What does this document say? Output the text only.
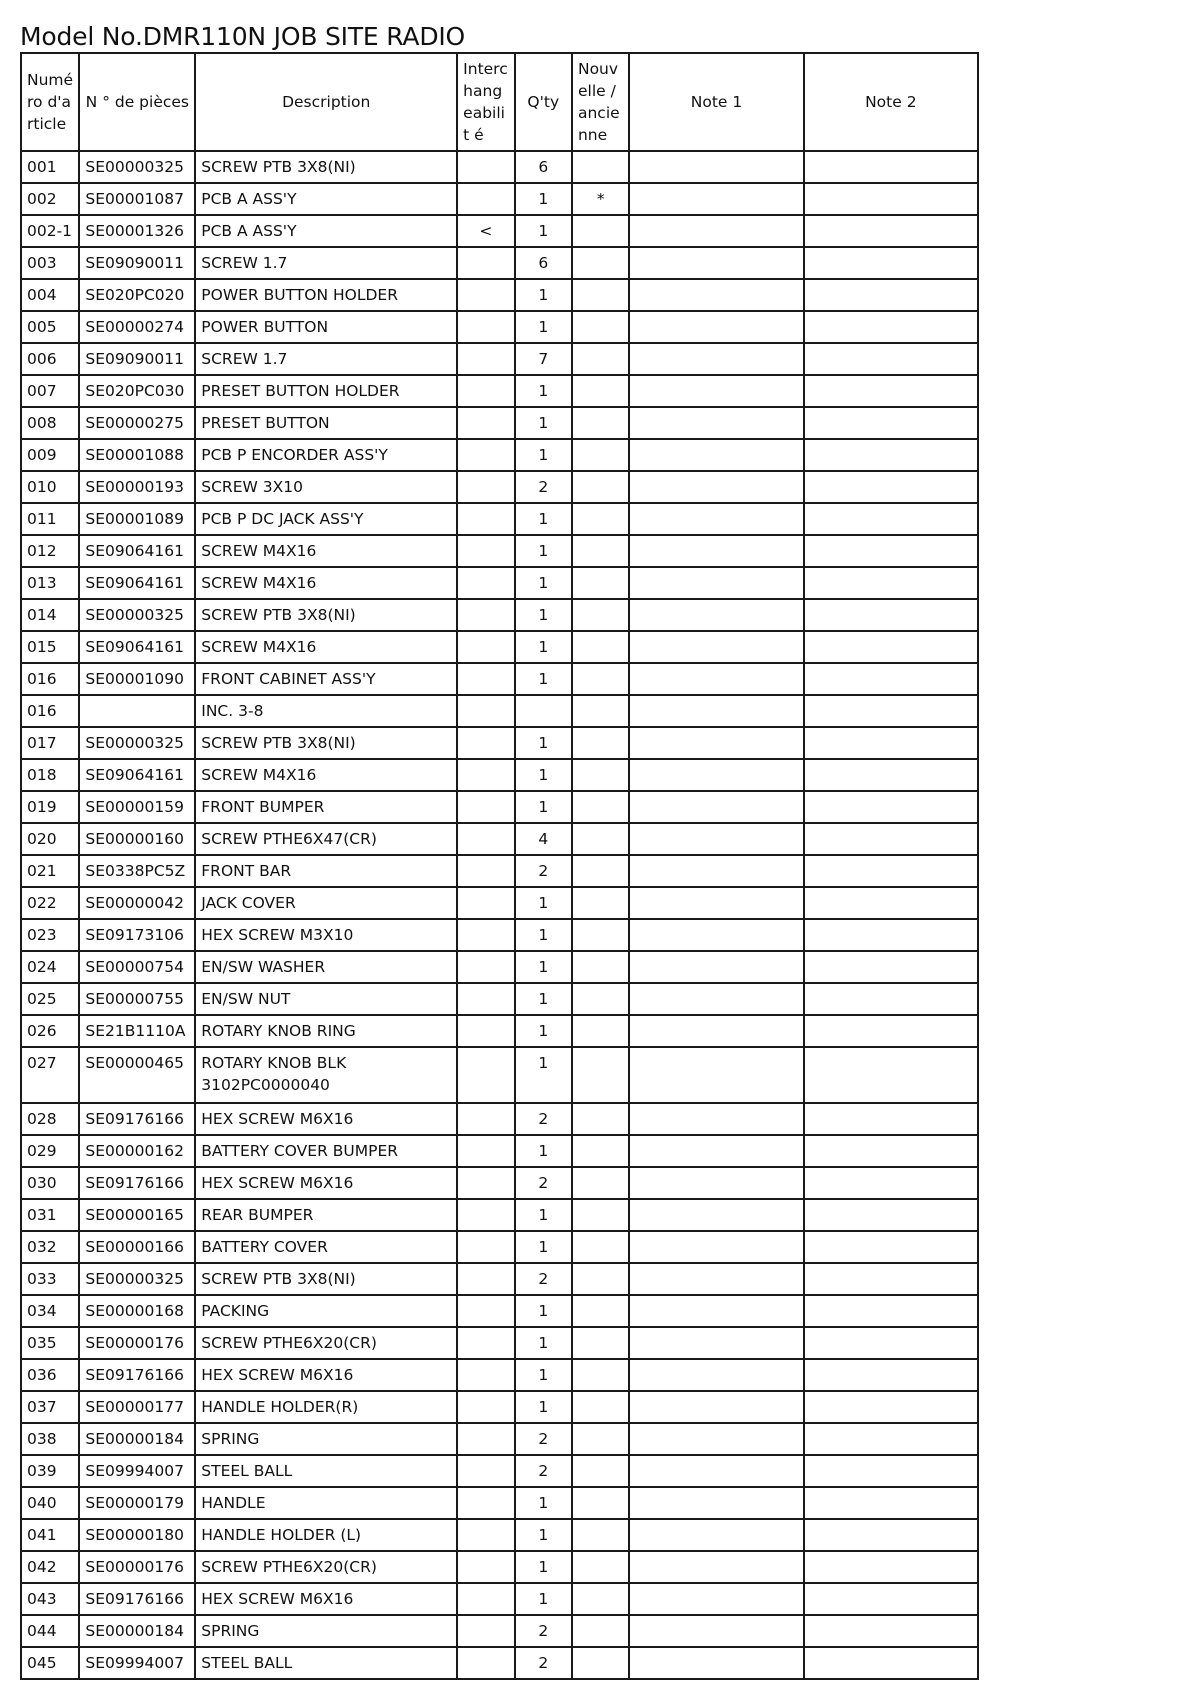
Model No.DMR110N JOB SITE RADIO
Numé ro d'a rticle	N ° de pièces	Description	Interc hang eabilit é	Q'ty	Nouv elle / ancie nne	Note 1	Note 2
001	SE00000325	SCREW PTB 3X8(NI)		6			
002	SE00001087	PCB A ASS'Y		1	*		
002-1	SE00001326	PCB A ASS'Y	<	1			
003	SE09090011	SCREW 1.7		6			
004	SE020PC020	POWER BUTTON HOLDER		1			
005	SE00000274	POWER BUTTON		1			
006	SE09090011	SCREW 1.7		7			
007	SE020PC030	PRESET BUTTON HOLDER		1			
008	SE00000275	PRESET BUTTON		1			
009	SE00001088	PCB P ENCORDER ASS'Y		1			
010	SE00000193	SCREW 3X10		2			
011	SE00001089	PCB P DC JACK ASS'Y		1			
012	SE09064161	SCREW M4X16		1			
013	SE09064161	SCREW M4X16		1			
014	SE00000325	SCREW PTB 3X8(NI)		1			
015	SE09064161	SCREW M4X16		1			
016	SE00001090	FRONT CABINET ASS'Y		1			
016		INC. 3-8					
017	SE00000325	SCREW PTB 3X8(NI)		1			
018	SE09064161	SCREW M4X16		1			
019	SE00000159	FRONT BUMPER		1			
020	SE00000160	SCREW PTHE6X47(CR)		4			
021	SE0338PC5Z	FRONT BAR		2			
022	SE00000042	JACK COVER		1			
023	SE09173106	HEX SCREW M3X10		1			
024	SE00000754	EN/SW WASHER		1			
025	SE00000755	EN/SW NUT		1			
026	SE21B1110A	ROTARY KNOB RING		1			
027	SE00000465	ROTARY KNOB BLK 3102PC0000040		1			
028	SE09176166	HEX SCREW M6X16		2			
029	SE00000162	BATTERY COVER BUMPER		1			
030	SE09176166	HEX SCREW M6X16		2			
031	SE00000165	REAR BUMPER		1			
032	SE00000166	BATTERY COVER		1			
033	SE00000325	SCREW PTB 3X8(NI)		2			
034	SE00000168	PACKING		1			
035	SE00000176	SCREW PTHE6X20(CR)		1			
036	SE09176166	HEX SCREW M6X16		1			
037	SE00000177	HANDLE HOLDER(R)		1			
038	SE00000184	SPRING		2			
039	SE09994007	STEEL BALL		2			
040	SE00000179	HANDLE		1			
041	SE00000180	HANDLE HOLDER (L)		1			
042	SE00000176	SCREW PTHE6X20(CR)		1			
043	SE09176166	HEX SCREW M6X16		1			
044	SE00000184	SPRING		2			
045	SE09994007	STEEL BALL		2			
